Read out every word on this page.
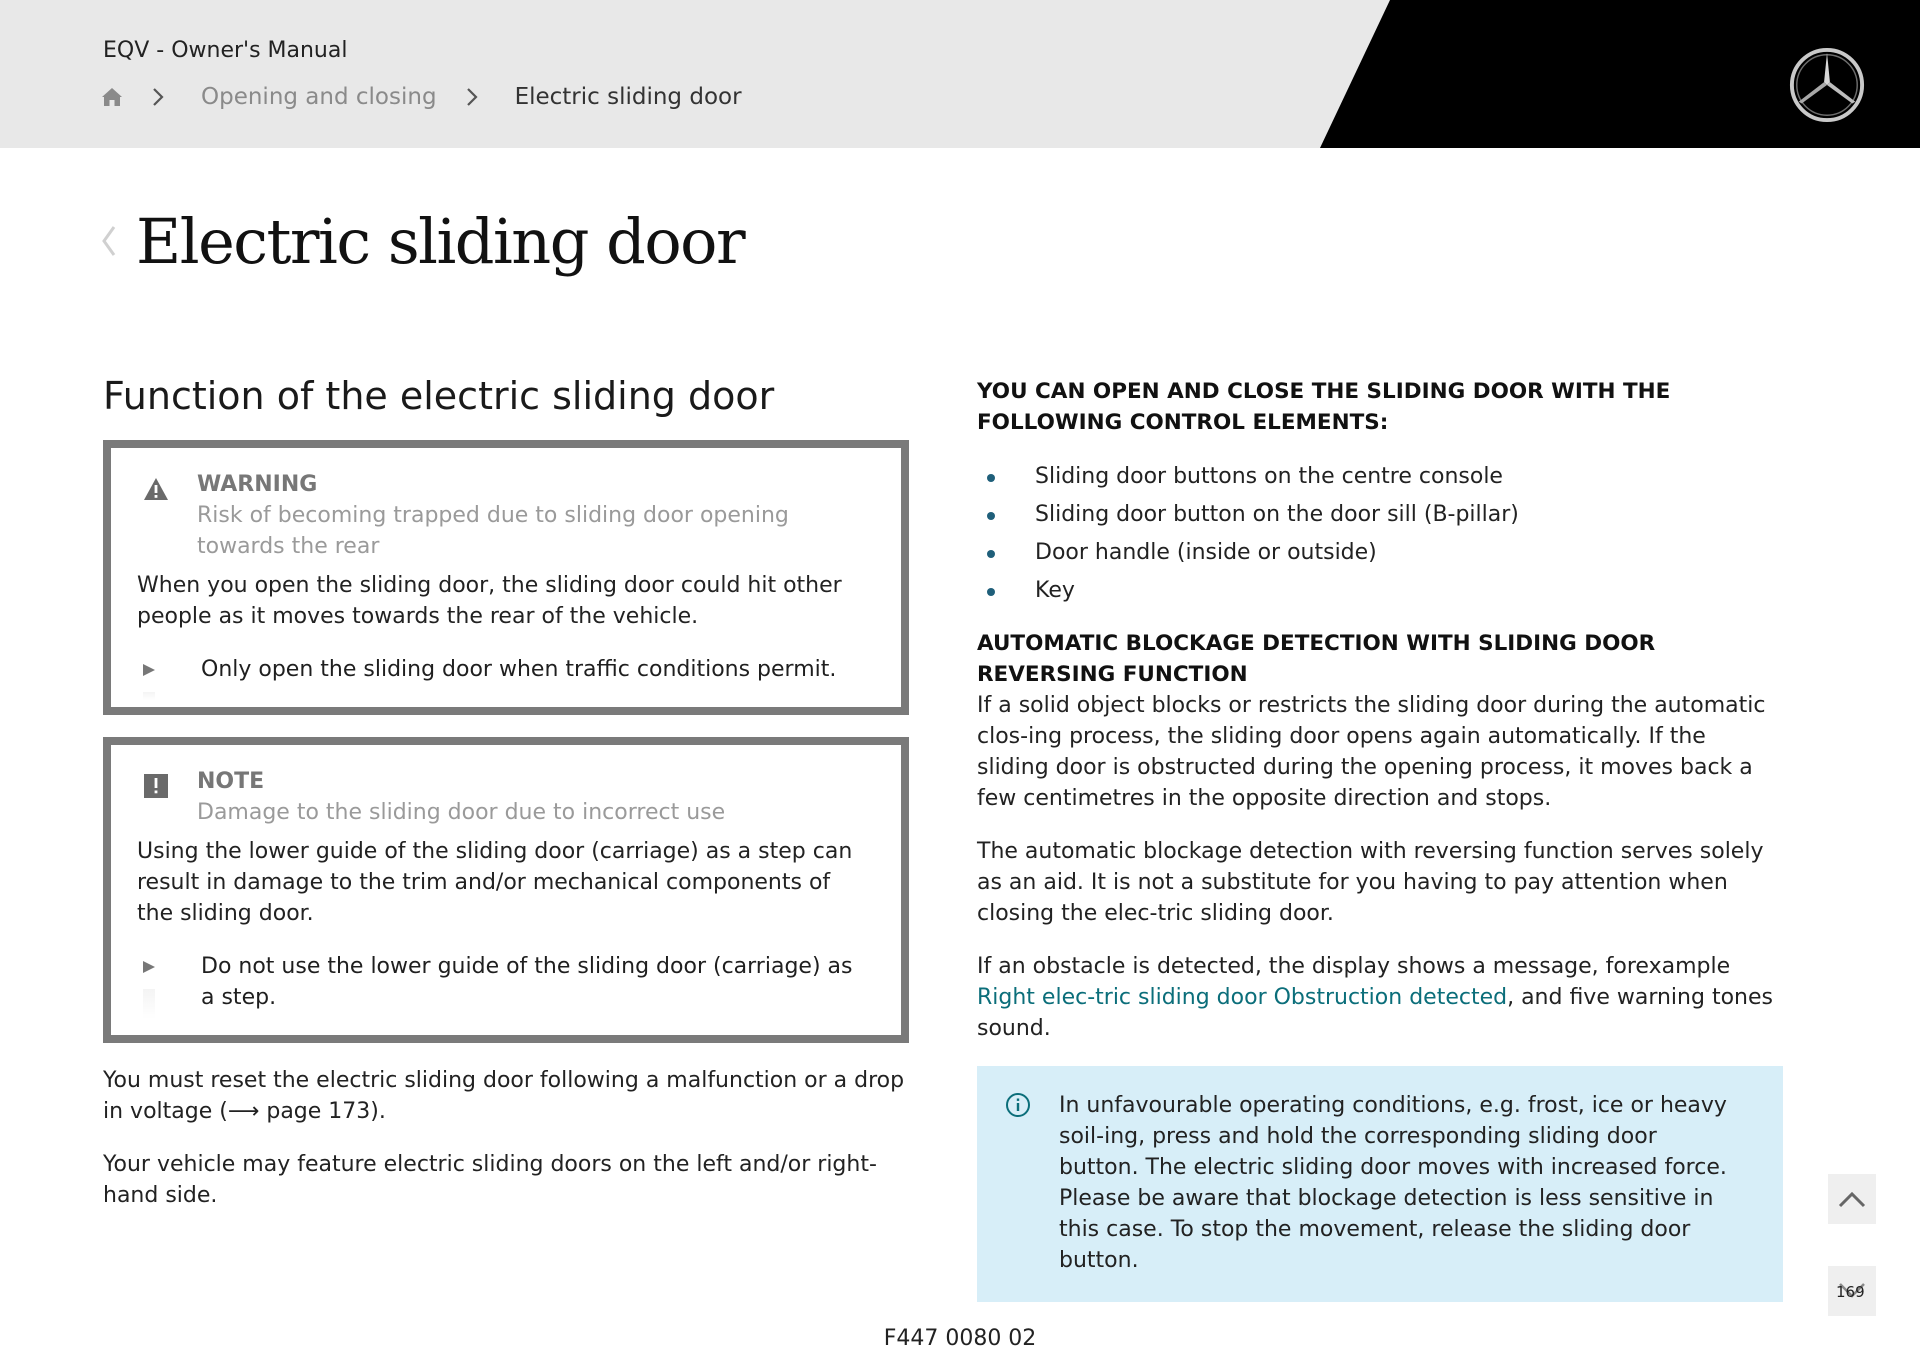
EQV - Owner's Manual
Opening and closing	Electric sliding door
Electric sliding door
Function of the electric sliding door
WARNING
Risk of becoming trapped due to sliding door opening towards the rear
When you open the sliding door, the sliding door could hit other people as it moves towards the rear of the vehicle.
Only open the sliding door when traffic conditions permit.
NOTE
Damage to the sliding door due to incorrect use
Using the lower guide of the sliding door (carriage) as a step can result in damage to the trim and/or mechanical components of the sliding door.
Do not use the lower guide of the sliding door (carriage) as a step.

You must reset the electric sliding door following a malfunction or a drop in voltage (⟶ page 173).

Your vehicle may feature electric sliding doors on the left and/or right-hand side.

YOU CAN OPEN AND CLOSE THE SLIDING DOOR WITH THE FOLLOWING CONTROL ELEMENTS:

Sliding door buttons on the centre console
Sliding door button on the door sill (B-pillar)
Door handle (inside or outside)
Key

AUTOMATIC BLOCKAGE DETECTION WITH SLIDING DOOR REVERSING FUNCTION

If a solid object blocks or restricts the sliding door during the automatic clos-ing process, the sliding door opens again automatically. If the sliding door is obstructed during the opening process, it moves back a few centimetres in the opposite direction and stops.

The automatic blockage detection with reversing function serves solely as an aid. It is not a substitute for you having to pay attention when closing the elec-tric sliding door.

If an obstacle is detected, the display shows a message, forexample Right elec-tric sliding door Obstruction detected, and five warning tones sound.

In unfavourable operating conditions, e.g. frost, ice or heavy soil-ing, press and hold the corresponding sliding door button. The electric sliding door moves with increased force. Please be aware that blockage detection is less sensitive in this case. To stop the movement, release the sliding door button.
169
F447 0080 02
